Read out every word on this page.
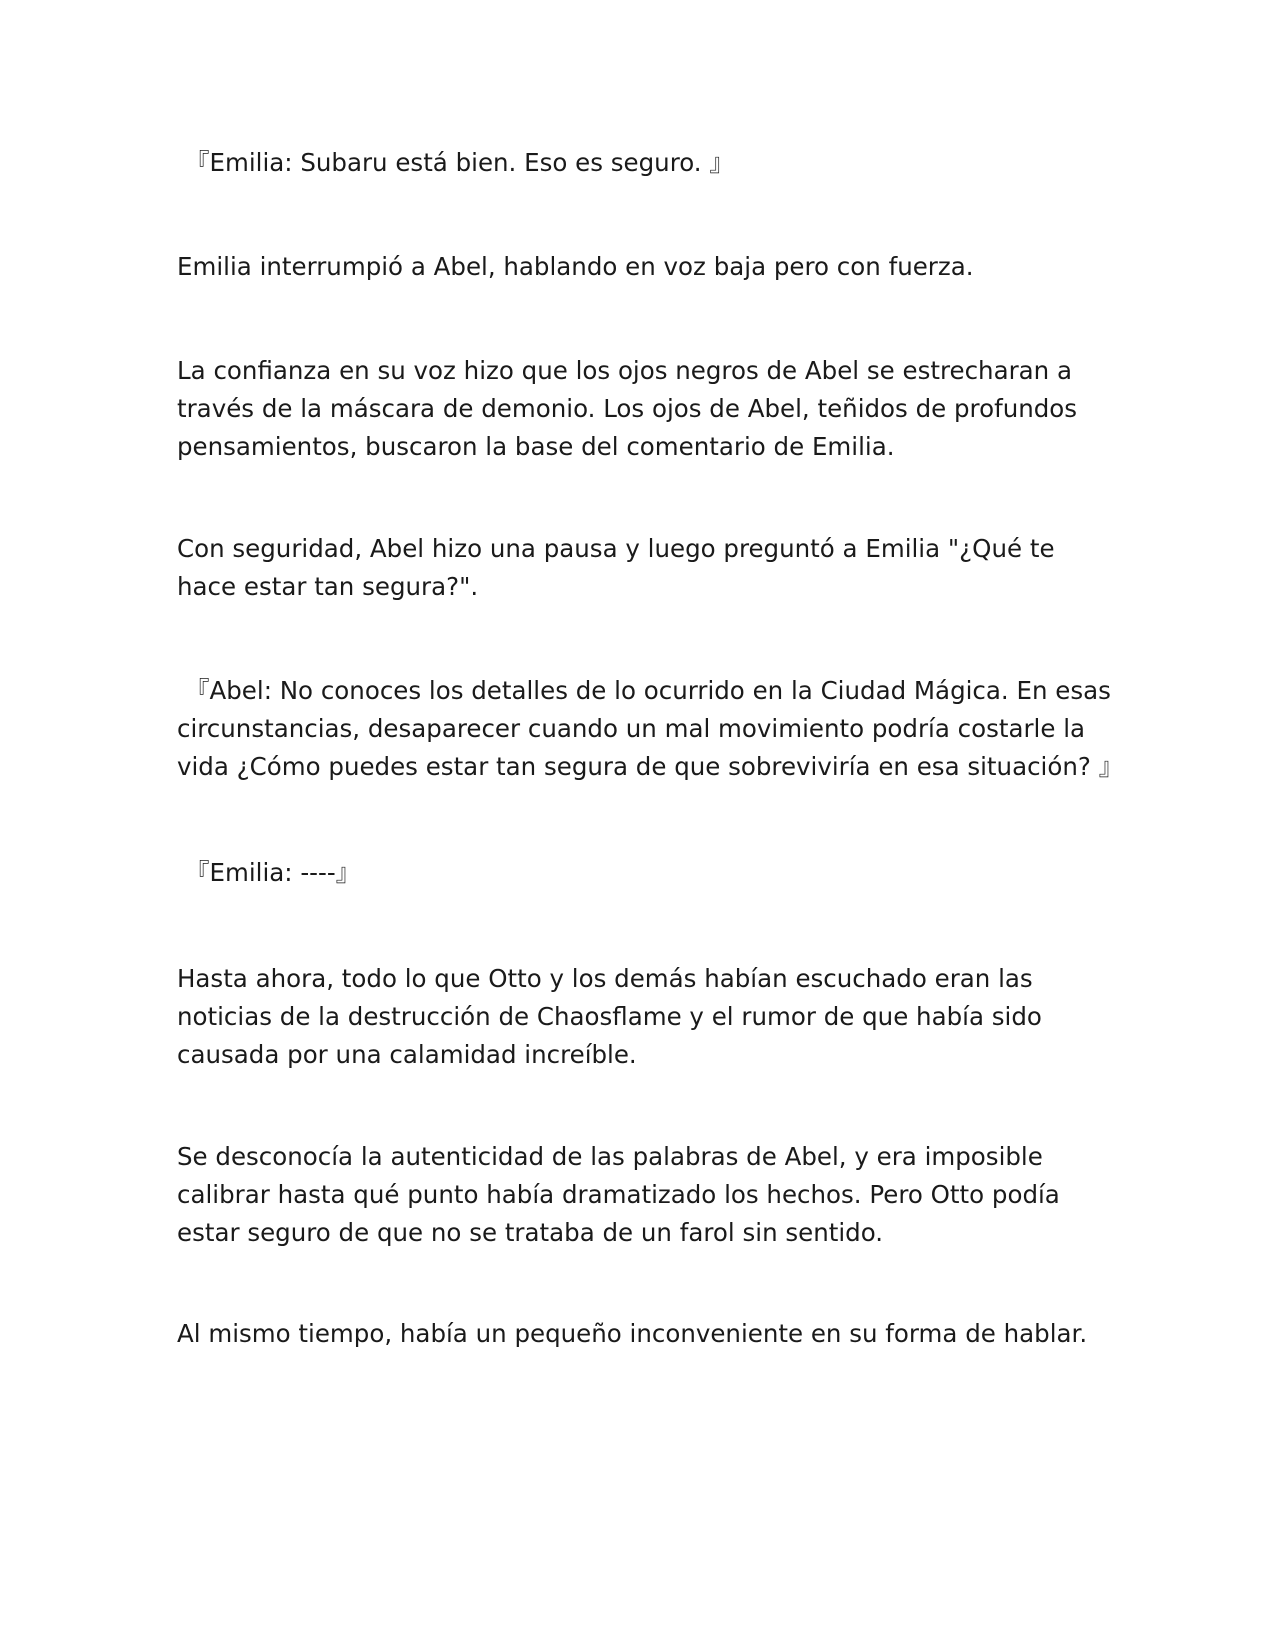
『Emilia: Subaru está bien. Eso es seguro. 』

Emilia interrumpió a Abel, hablando en voz baja pero con fuerza.

La confianza en su voz hizo que los ojos negros de Abel se estrecharan a través de la máscara de demonio. Los ojos de Abel, teñidos de profundos pensamientos, buscaron la base del comentario de Emilia.

Con seguridad, Abel hizo una pausa y luego preguntó a Emilia "¿Qué te hace estar tan segura?".

『Abel: No conoces los detalles de lo ocurrido en la Ciudad Mágica. En esas circunstancias, desaparecer cuando un mal movimiento podría costarle la vida ¿Cómo puedes estar tan segura de que sobreviviría en esa situación? 』

『Emilia: ----』

Hasta ahora, todo lo que Otto y los demás habían escuchado eran las noticias de la destrucción de Chaosflame y el rumor de que había sido causada por una calamidad increíble.

Se desconocía la autenticidad de las palabras de Abel, y era imposible calibrar hasta qué punto había dramatizado los hechos. Pero Otto podía estar seguro de que no se trataba de un farol sin sentido.

Al mismo tiempo, había un pequeño inconveniente en su forma de hablar.
